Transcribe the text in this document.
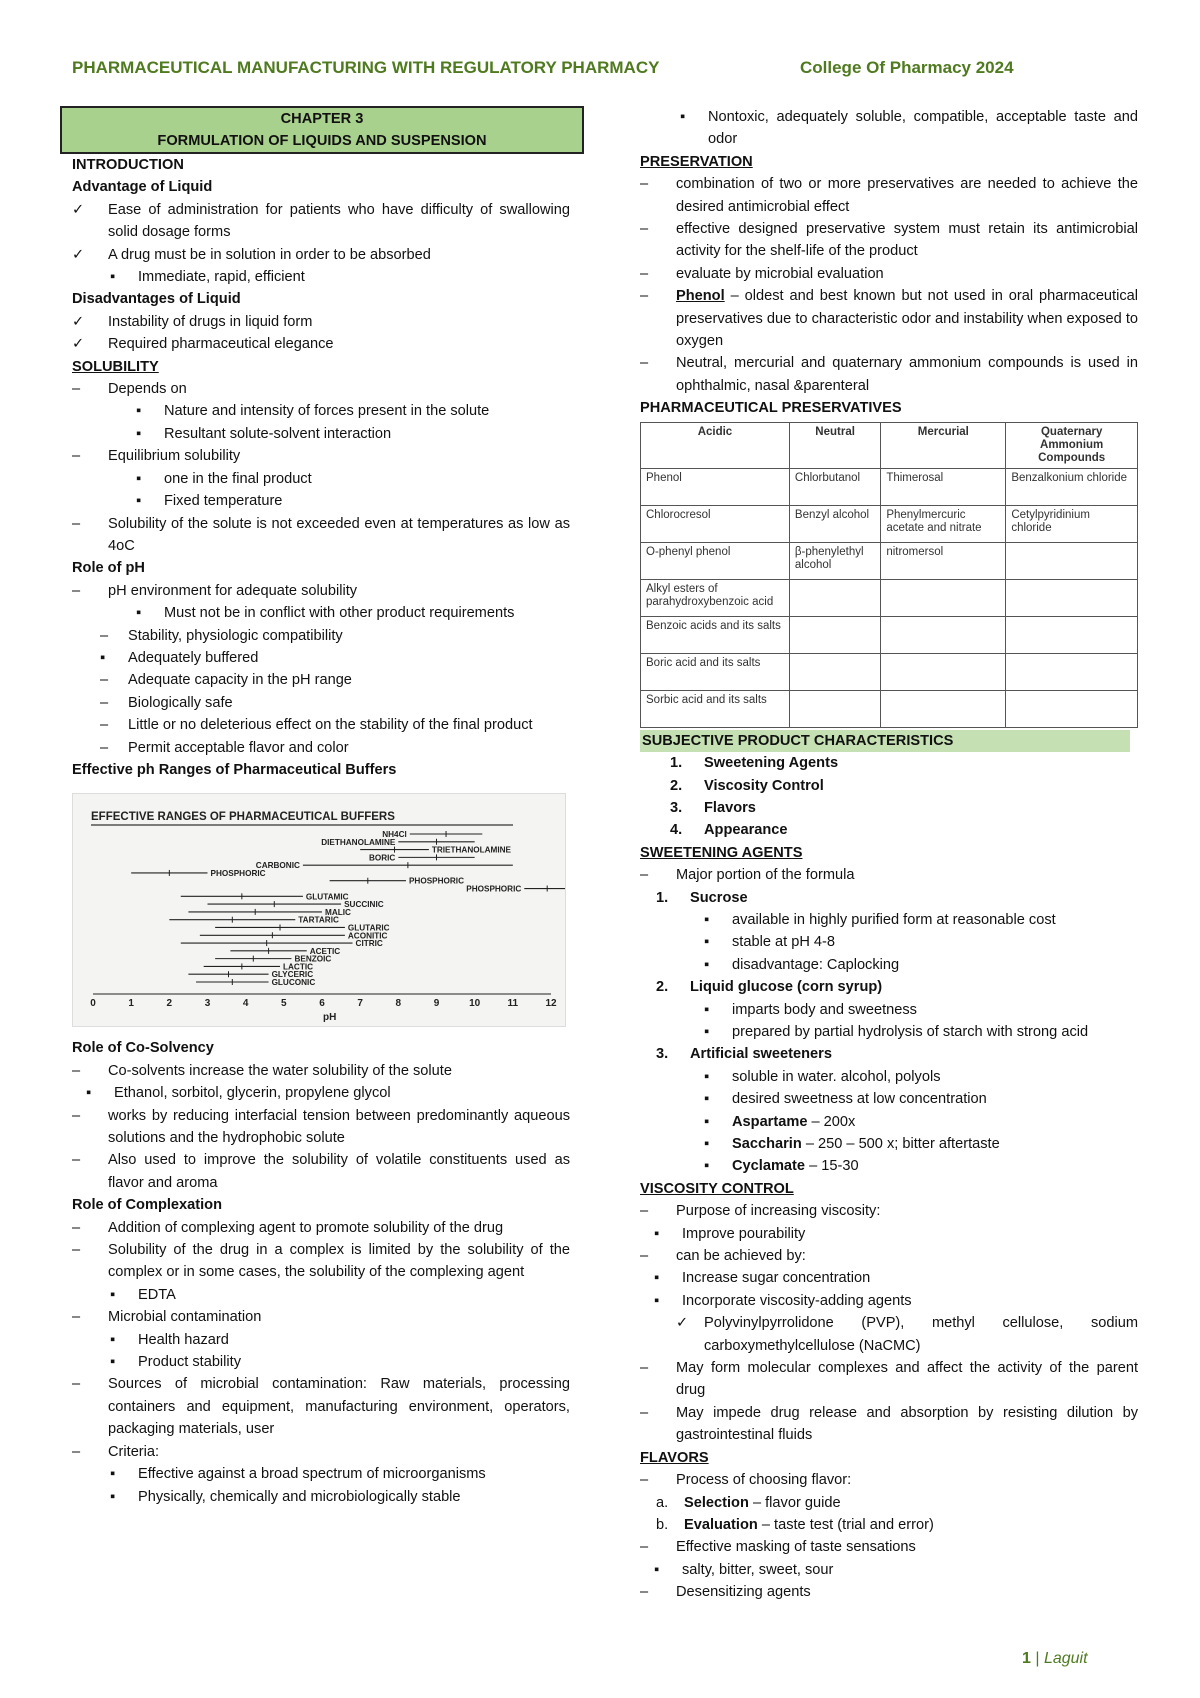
PHARMACEUTICAL MANUFACTURING WITH REGULATORY PHARMACY	College Of Pharmacy 2024
CHAPTER 3
FORMULATION OF LIQUIDS AND SUSPENSION
INTRODUCTION
Advantage of Liquid
✓	Ease of administration for patients who have difficulty of swallowing solid dosage forms
✓	A drug must be in solution in order to be absorbed
▪	Immediate, rapid, efficient
Disadvantages of Liquid
✓	Instability of drugs in liquid form
✓	Required pharmaceutical elegance
SOLUBILITY
–	Depends on
▪	Nature and intensity of forces present in the solute
▪	Resultant solute-solvent interaction
–	Equilibrium solubility
▪	one in the final product
▪	Fixed temperature
–	Solubility of the solute is not exceeded even at temperatures as low as 4oC
Role of pH
–	pH environment for adequate solubility
▪	Must not be in conflict with other product requirements
–	Stability, physiologic compatibility
▪	Adequately buffered
–	Adequate capacity in the pH range
–	Biologically safe
–	Little or no deleterious effect on the stability of the final product
–	Permit acceptable flavor and color
Effective ph Ranges of Pharmaceutical Buffers
EFFECTIVE RANGES OF PHARMACEUTICAL BUFFERS
NH4Cl
DIETHANOLAMINE
TRIETHANOLAMINE
BORIC
CARBONIC
PHOSPHORIC
PHOSPHORIC
PHOSPHORIC
GLUTAMIC
SUCCINIC
MALIC
TARTARIC
GLUTARIC
ACONITIC
CITRIC
ACETIC
BENZOIC
LACTIC
GLYCERIC
GLUCONIC
0	1	2	3	4	5	6	7	8	9	10	11	12
pH
Role of Co-Solvency
–	Co-solvents increase the water solubility of the solute
▪	Ethanol, sorbitol, glycerin, propylene glycol
–	works by reducing interfacial tension between predominantly aqueous solutions and the hydrophobic solute
–	Also used to improve the solubility of volatile constituents used as flavor and aroma
Role of Complexation
–	Addition of complexing agent to promote solubility of the drug
–	Solubility of the drug in a complex is limited by the solubility of the complex or in some cases, the solubility of the complexing agent
▪	EDTA
–	Microbial contamination
▪	Health hazard
▪	Product stability
–	Sources of microbial contamination: Raw materials, processing containers and equipment, manufacturing environment, operators, packaging materials, user
–	Criteria:
▪	Effective against a broad spectrum of microorganisms
▪	Physically, chemically and microbiologically stable
▪	Nontoxic, adequately soluble, compatible, acceptable taste and odor
PRESERVATION
–	combination of two or more preservatives are needed to achieve the desired antimicrobial effect
–	effective designed preservative system must retain its antimicrobial activity for the shelf-life of the product
–	evaluate by microbial evaluation
–	Phenol – oldest and best known but not used in oral pharmaceutical preservatives due to characteristic odor and instability when exposed to oxygen
–	Neutral, mercurial and quaternary ammonium compounds is used in ophthalmic, nasal &parenteral
PHARMACEUTICAL PRESERVATIVES
Acidic	Neutral	Mercurial	Quaternary Ammonium Compounds
Phenol	Chlorbutanol	Thimerosal	Benzalkonium chloride
Chlorocresol	Benzyl alcohol	Phenylmercuric acetate and nitrate	Cetylpyridinium chloride
O-phenyl phenol	β-phenylethyl alcohol	nitromersol	
Alkyl esters of parahydroxybenzoic acid			
Benzoic acids and its salts			
Boric acid and its salts			
Sorbic acid and its salts			
SUBJECTIVE PRODUCT CHARACTERISTICS
1.	Sweetening Agents
2.	Viscosity Control
3.	Flavors
4.	Appearance
SWEETENING AGENTS
–	Major portion of the formula
1.	Sucrose
▪	available in highly purified form at reasonable cost
▪	stable at pH 4-8
▪	disadvantage: Caplocking
2.	Liquid glucose (corn syrup)
▪	imparts body and sweetness
▪	prepared by partial hydrolysis of starch with strong acid
3.	Artificial sweeteners
▪	soluble in water. alcohol, polyols
▪	desired sweetness at low concentration
▪	Aspartame – 200x
▪	Saccharin – 250 – 500 x; bitter aftertaste
▪	Cyclamate – 15-30
VISCOSITY CONTROL
–	Purpose of increasing viscosity:
▪	Improve pourability
–	can be achieved by:
▪	Increase sugar concentration
▪	Incorporate viscosity-adding agents
✓	Polyvinylpyrrolidone (PVP), methyl cellulose, sodium carboxymethylcellulose (NaCMC)
–	May form molecular complexes and affect the activity of the parent drug
–	May impede drug release and absorption by resisting dilution by gastrointestinal fluids
FLAVORS
–	Process of choosing flavor:
a.	Selection – flavor guide
b.	Evaluation – taste test (trial and error)
–	Effective masking of taste sensations
▪	salty, bitter, sweet, sour
–	Desensitizing agents
1 | Laguit
